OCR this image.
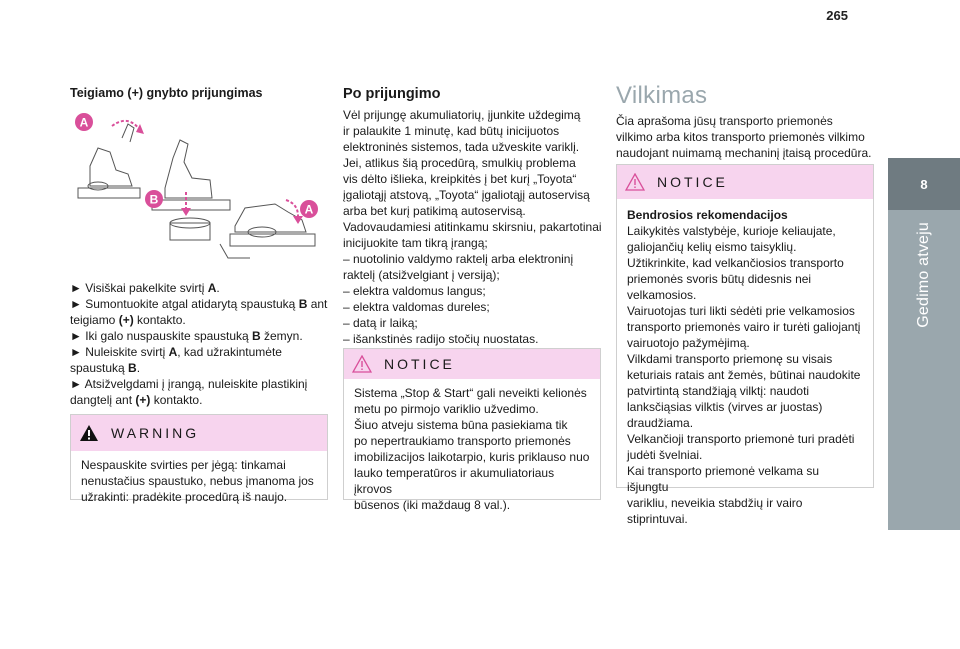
265
8
Gedimo atveju
Teigiamo (+) gnybto prijungimas
A
B
A

► Visiškai pakelkite svirtį A.

► Sumontuokite atgal atidarytą spaustuką B ant

teigiamo (+) kontakto.

► Iki galo nuspauskite spaustuką B žemyn.

► Nuleiskite svirtį A, kad užrakintumėte

spaustuką B.

► Atsižvelgdami į įrangą, nuleiskite plastikinį

dangtelį ant (+) kontakto.

WARNING

Nespauskite svirties per jėgą: tinkamai

nenustačius spaustuko, nebus įmanoma jos

užrakinti: pradėkite procedūrą iš naujo.

Po prijungimo

Vėl prijungę akumuliatorių, įjunkite uždegimą

ir palaukite 1 minutę, kad būtų inicijuotos

elektroninės sistemos, tada užveskite variklį.

Jei, atlikus šią procedūrą, smulkių problema

vis dėlto išlieka, kreipkitės į bet kurį „Toyota“

įgaliotąjį atstovą, „Toyota“ įgaliotąjį autoservisą

arba bet kurį patikimą autoservisą.

Vadovaudamiesi atitinkamu skirsniu, pakartotinai

inicijuokite tam tikrą įrangą;

– nuotolinio valdymo raktelį arba elektroninį

raktelį (atsižvelgiant į versiją);

– elektra valdomus langus;

– elektra valdomas dureles;

– datą ir laiką;

– išankstinės radijo stočių nuostatas.

NOTICE

Sistema „Stop & Start“ gali neveikti kelionės

metu po pirmojo variklio užvedimo.

Šiuo atveju sistema būna pasiekiama tik

po nepertraukiamo transporto priemonės

imobilizacijos laikotarpio, kuris priklauso nuo

lauko temperatūros ir akumuliatoriaus įkrovos

būsenos (iki maždaug 8 val.).

Vilkimas

Čia aprašoma jūsų transporto priemonės

vilkimo arba kitos transporto priemonės vilkimo

naudojant nuimamą mechaninį įtaisą procedūra.

NOTICE

Bendrosios rekomendacijos

Laikykitės valstybėje, kurioje keliaujate,

galiojančių kelių eismo taisyklių.

Užtikrinkite, kad velkančiosios transporto

priemonės svoris būtų didesnis nei

velkamosios.

Vairuotojas turi likti sėdėti prie velkamosios

transporto priemonės vairo ir turėti galiojantį

vairuotojo pažymėjimą.

Vilkdami transporto priemonę su visais

keturiais ratais ant žemės, būtinai naudokite

patvirtintą standžiąją vilktį: naudoti

lanksčiąsias vilktis (virves ar juostas)

draudžiama.

Velkančioji transporto priemonė turi pradėti

judėti švelniai.

Kai transporto priemonė velkama su išjungtu

varikliu, neveikia stabdžių ir vairo stiprintuvai.
